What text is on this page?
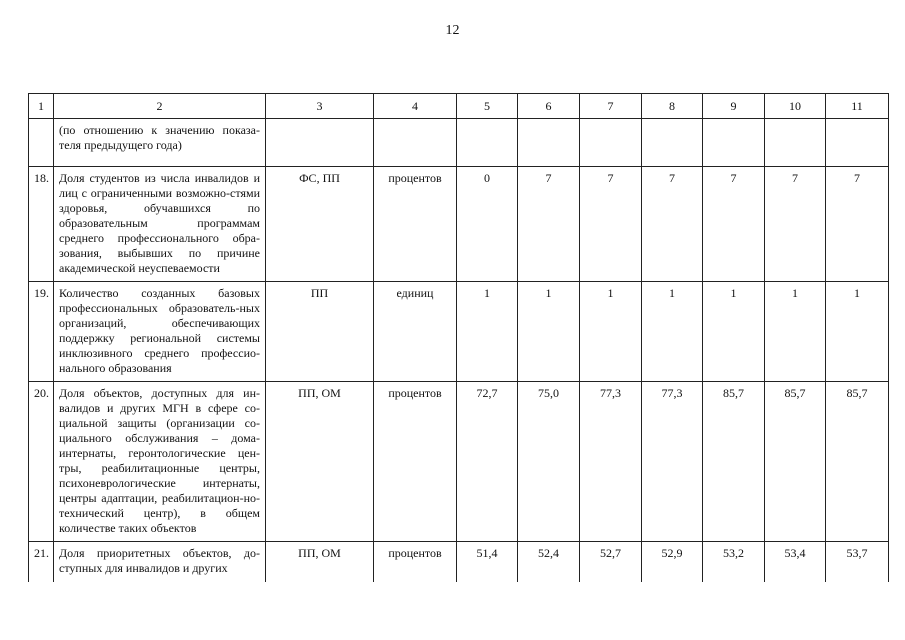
12
1	2	3	4	5	6	7	8	9	10	11
	(по отношению к значению показа-теля предыдущего года)									
18.	Доля студентов из числа инвалидов и лиц с ограниченными возможно-стями здоровья, обучавшихся по образовательным программам среднего профессионального обра-зования, выбывших по причине академической неуспеваемости	ФС, ПП	процентов	0	7	7	7	7	7	7
19.	Количество созданных базовых профессиональных образователь-ных организаций, обеспечивающих поддержку региональной системы инклюзивного среднего профессио-нального образования	ПП	единиц	1	1	1	1	1	1	1
20.	Доля объектов, доступных для ин-валидов и других МГН в сфере со-циальной защиты (организации со-циального обслуживания – дома-интернаты, геронтологические цен-тры, реабилитационные центры, психоневрологические интернаты, центры адаптации, реабилитацион-но-технический центр), в общем количестве таких объектов	ПП, ОМ	процентов	72,7	75,0	77,3	77,3	85,7	85,7	85,7
21.	Доля приоритетных объектов, до-ступных для инвалидов и других	ПП, ОМ	процентов	51,4	52,4	52,7	52,9	53,2	53,4	53,7
